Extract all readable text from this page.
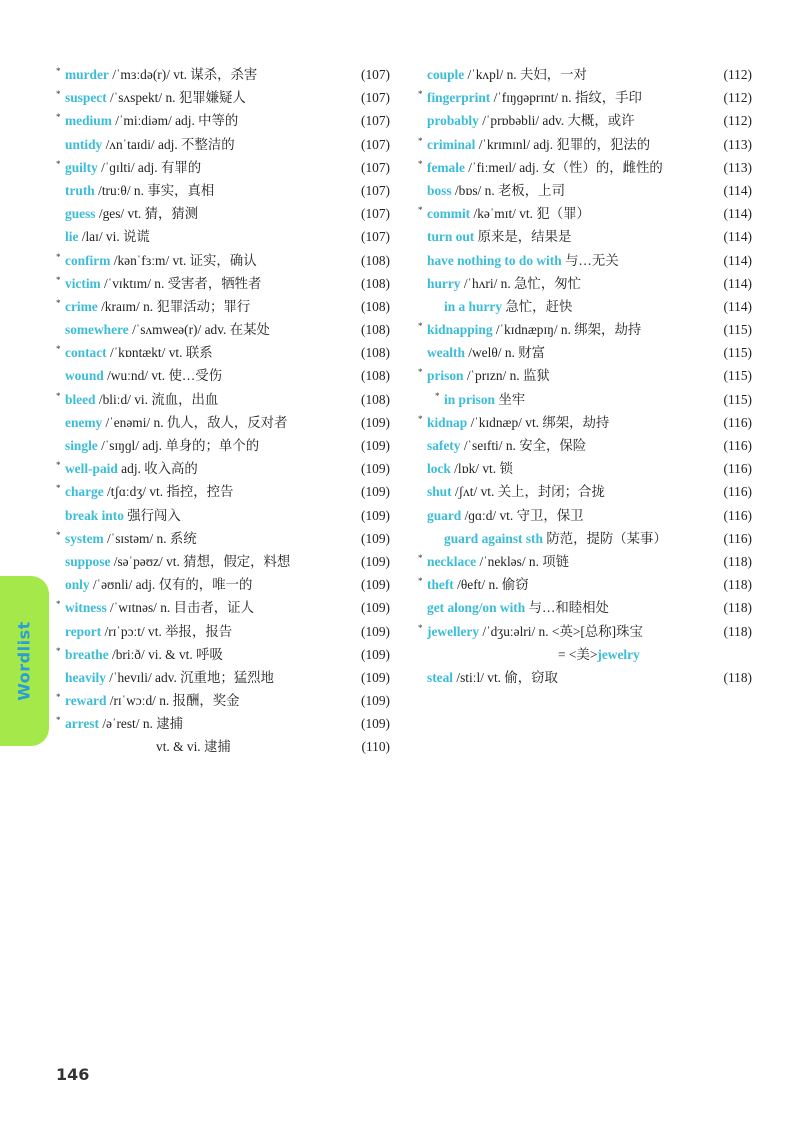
* murder /ˈmɜːdə(r)/ vt. 谋杀，杀害	(107)
* suspect /ˈsʌspekt/ n. 犯罪嫌疑人	(107)
* medium /ˈmiːdiəm/ adj. 中等的	(107)
untidy /ʌnˈtaɪdi/ adj. 不整洁的	(107)
* guilty /ˈɡɪlti/ adj. 有罪的	(107)
truth /truːθ/ n. 事实，真相	(107)
guess /ges/ vt. 猜，猜测	(107)
lie /laɪ/ vi. 说谎	(107)
* confirm /kənˈfɜːm/ vt. 证实，确认	(108)
* victim /ˈvɪktɪm/ n. 受害者，牺牲者	(108)
* crime /kraɪm/ n. 犯罪活动；罪行	(108)
somewhere /ˈsʌmweə(r)/ adv. 在某处	(108)
* contact /ˈkɒntækt/ vt. 联系	(108)
wound /wuːnd/ vt. 使…受伤	(108)
* bleed /bliːd/ vi. 流血，出血	(108)
enemy /ˈenəmi/ n. 仇人，敌人，反对者	(109)
single /ˈsɪŋɡl/ adj. 单身的；单个的	(109)
* well-paid adj. 收入高的	(109)
* charge /tʃɑːdʒ/ vt. 指控，控告	(109)
break into 强行闯入	(109)
* system /ˈsɪstəm/ n. 系统	(109)
suppose /səˈpəʊz/ vt. 猜想，假定，料想	(109)
only /ˈəʊnli/ adj. 仅有的，唯一的	(109)
* witness /ˈwɪtnəs/ n. 目击者，证人	(109)
report /rɪˈpɔːt/ vt. 举报，报告	(109)
* breathe /briːð/ vi. & vt. 呼吸	(109)
heavily /ˈhevɪli/ adv. 沉重地；猛烈地	(109)
* reward /rɪˈwɔːd/ n. 报酬，奖金	(109)
* arrest /əˈrest/ n. 逮捕	(109)
vt. & vi. 逮捕	(110)
couple /ˈkʌpl/ n. 夫妇，一对	(112)
* fingerprint /ˈfɪŋɡəprɪnt/ n. 指纹，手印	(112)
probably /ˈprɒbəbli/ adv. 大概，或许	(112)
* criminal /ˈkrɪmɪnl/ adj. 犯罪的，犯法的	(113)
* female /ˈfiːmeɪl/ adj. 女（性）的，雌性的	(113)
boss /bɒs/ n. 老板，上司	(114)
* commit /kəˈmɪt/ vt. 犯（罪）	(114)
turn out 原来是，结果是	(114)
have nothing to do with 与…无关	(114)
hurry /ˈhʌri/ n. 急忙，匆忙	(114)
in a hurry 急忙，赶快	(114)
* kidnapping /ˈkɪdnæpɪŋ/ n. 绑架，劫持	(115)
wealth /welθ/ n. 财富	(115)
* prison /ˈprɪzn/ n. 监狱	(115)
* in prison 坐牢	(115)
* kidnap /ˈkɪdnæp/ vt. 绑架，劫持	(116)
safety /ˈseɪfti/ n. 安全，保险	(116)
lock /lɒk/ vt. 锁	(116)
shut /ʃʌt/ vt. 关上，封闭；合拢	(116)
guard /ɡɑːd/ vt. 守卫，保卫	(116)
guard against sth 防范，提防（某事）	(116)
* necklace /ˈnekləs/ n. 项链	(118)
* theft /θeft/ n. 偷窃	(118)
get along/on with 与…和睦相处	(118)
* jewellery /ˈdʒuːəlri/ n. <英>[总称]珠宝	(118)
= <美>jewelry
steal /stiːl/ vt. 偷，窃取	(118)
Wordlist
146
